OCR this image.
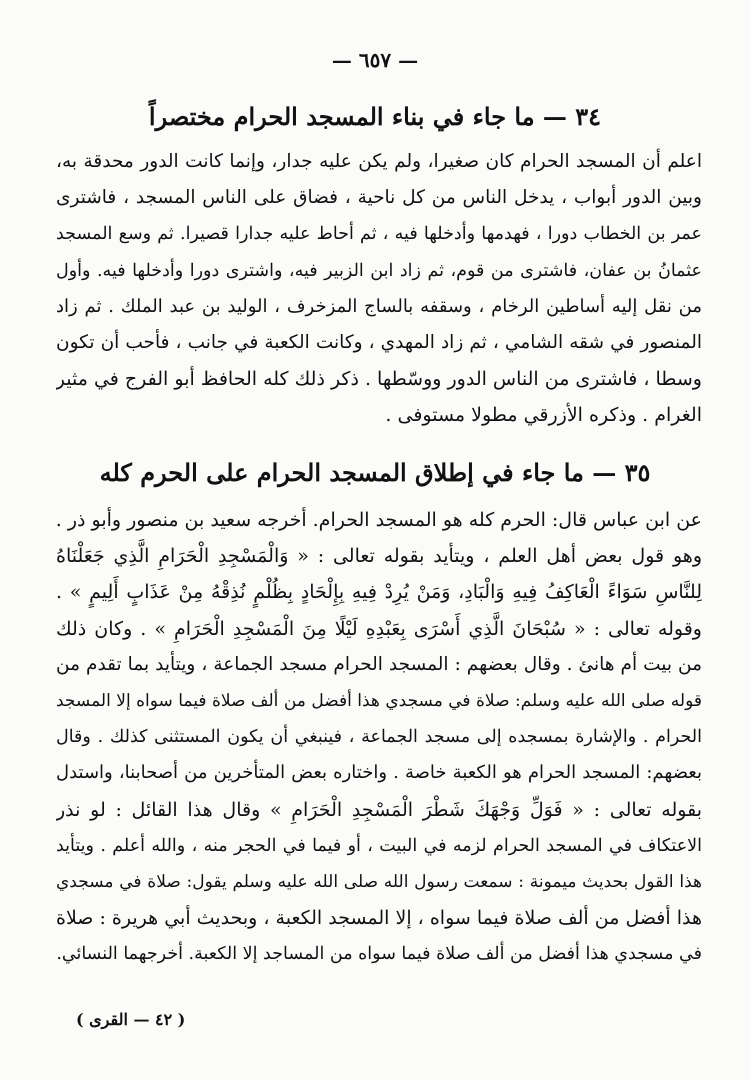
— ٦٥٧ —
٣٤ — ما جاء في بناء المسجد الحرام مختصراً
اعلم أن المسجد الحرام كان صغيرا، ولم يكن عليه جدار، وإنما كانت الدور محدقة به،
وبين الدور أبواب ، يدخل الناس من كل ناحية ، فضاق على الناس المسجد ، فاشترى
عمر بن الخطاب دورا ، فهدمها وأدخلها فيه ، ثم أحاط عليه جدارا قصيرا. ثم وسع المسجد
عثمانُ بن عفان، فاشترى من قوم، ثم زاد ابن الزبير فيه، واشترى دورا وأدخلها فيه. وأول
من نقل إليه أساطين الرخام ، وسقفه بالساج المزخرف ، الوليد بن عبد الملك . ثم زاد
المنصور في شقه الشامي ، ثم زاد المهدي ، وكانت الكعبة في جانب ، فأحب أن تكون
وسطا ، فاشترى من الناس الدور ووسّطها . ذكر ذلك كله الحافظ أبو الفرج في مثير
الغرام . وذكره الأزرقي مطولا مستوفى .
٣٥ — ما جاء في إطلاق المسجد الحرام على الحرم كله
عن ابن عباس قال: الحرم كله هو المسجد الحرام. أخرجه سعيد بن منصور وأبو ذر .
وهو قول بعض أهل العلم ، ويتأيد بقوله تعالى : « وَالْمَسْجِدِ الْحَرَامِ الَّذِي جَعَلْنَاهُ
لِلنَّاسِ سَوَاءً الْعَاكِفُ فِيهِ وَالْبَادِ، وَمَنْ يُرِدْ فِيهِ بِإِلْحَادٍ بِظُلْمٍ نُذِقْهُ مِنْ عَذَابٍ أَلِيمٍ » .
وقوله تعالى : « سُبْحَانَ الَّذِي أَسْرَى بِعَبْدِهِ لَيْلًا مِنَ الْمَسْجِدِ الْحَرَامِ » . وكان ذلك
من بيت أم هانئ . وقال بعضهم : المسجد الحرام مسجد الجماعة ، ويتأيد بما تقدم من
قوله صلى الله عليه وسلم: صلاة في مسجدي هذا أفضل من ألف صلاة فيما سواه إلا المسجد
الحرام . والإشارة بمسجده إلى مسجد الجماعة ، فينبغي أن يكون المستثنى كذلك . وقال
بعضهم: المسجد الحرام هو الكعبة خاصة . واختاره بعض المتأخرين من أصحابنا، واستدل
بقوله تعالى : « فَوَلِّ وَجْهَكَ شَطْرَ الْمَسْجِدِ الْحَرَامِ » وقال هذا القائل : لو نذر
الاعتكاف في المسجد الحرام لزمه في البيت ، أو فيما في الحجر منه ، والله أعلم . ويتأيد
هذا القول بحديث ميمونة : سمعت رسول الله صلى الله عليه وسلم يقول: صلاة في مسجدي
هذا أفضل من ألف صلاة فيما سواه ، إلا المسجد الكعبة ، وبحديث أبي هريرة : صلاة
في مسجدي هذا أفضل من ألف صلاة فيما سواه من المساجد إلا الكعبة. أخرجهما النسائي.
( ٤٢ — القرى )
